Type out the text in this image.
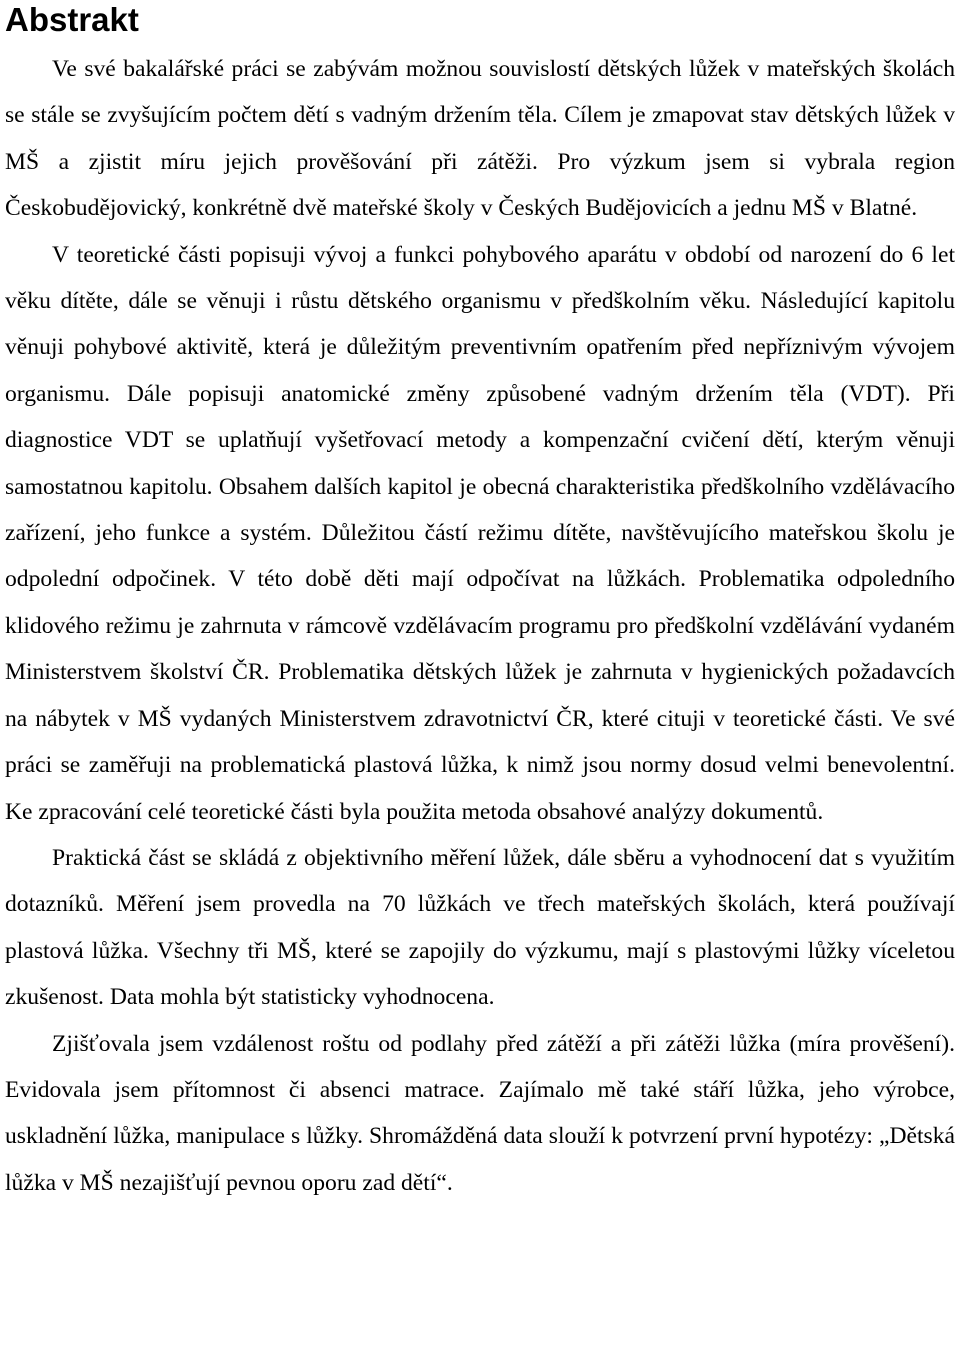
Abstrakt

Ve své bakalářské práci se zabývám možnou souvislostí dětských lůžek v mateřských školách se stále se zvyšujícím počtem dětí s vadným držením těla. Cílem je zmapovat stav dětských lůžek v MŠ a zjistit míru jejich prověšování při zátěži. Pro výzkum jsem si vybrala region Českobudějovický, konkrétně dvě mateřské školy v Českých Budějovicích a jednu MŠ v Blatné.

V teoretické části popisuji vývoj a funkci pohybového aparátu v období od narození do 6 let věku dítěte, dále se věnuji i růstu dětského organismu v předškolním věku. Následující kapitolu věnuji pohybové aktivitě, která je důležitým preventivním opatřením před nepříznivým vývojem organismu. Dále popisuji anatomické změny způsobené vadným držením těla (VDT). Při diagnostice VDT se uplatňují vyšetřovací metody a kompenzační cvičení dětí, kterým věnuji samostatnou kapitolu. Obsahem dalších kapitol je obecná charakteristika předškolního vzdělávacího zařízení, jeho funkce a systém. Důležitou částí režimu dítěte, navštěvujícího mateřskou školu je odpolední odpočinek. V této době děti mají odpočívat na lůžkách. Problematika odpoledního klidového režimu je zahrnuta v rámcově vzdělávacím programu pro předškolní vzdělávání vydaném Ministerstvem školství ČR. Problematika dětských lůžek je zahrnuta v hygienických požadavcích na nábytek v MŠ vydaných Ministerstvem zdravotnictví ČR, které cituji v teoretické části. Ve své práci se zaměřuji na problematická plastová lůžka, k nimž jsou normy dosud velmi benevolentní. Ke zpracování celé teoretické části byla použita metoda obsahové analýzy dokumentů.

Praktická část se skládá z objektivního měření lůžek, dále sběru a vyhodnocení dat s využitím dotazníků. Měření jsem provedla na 70 lůžkách ve třech mateřských školách, která používají plastová lůžka. Všechny tři MŠ, které se zapojily do výzkumu, mají s plastovými lůžky víceletou zkušenost. Data mohla být statisticky vyhodnocena.

Zjišťovala jsem vzdálenost roštu od podlahy před zátěží a při zátěži lůžka (míra prověšení). Evidovala jsem přítomnost či absenci matrace. Zajímalo mě také stáří lůžka, jeho výrobce, uskladnění lůžka, manipulace s lůžky. Shromážděná data slouží k potvrzení první hypotézy: „Dětská lůžka v MŠ nezajišťují pevnou oporu zad dětí“.
